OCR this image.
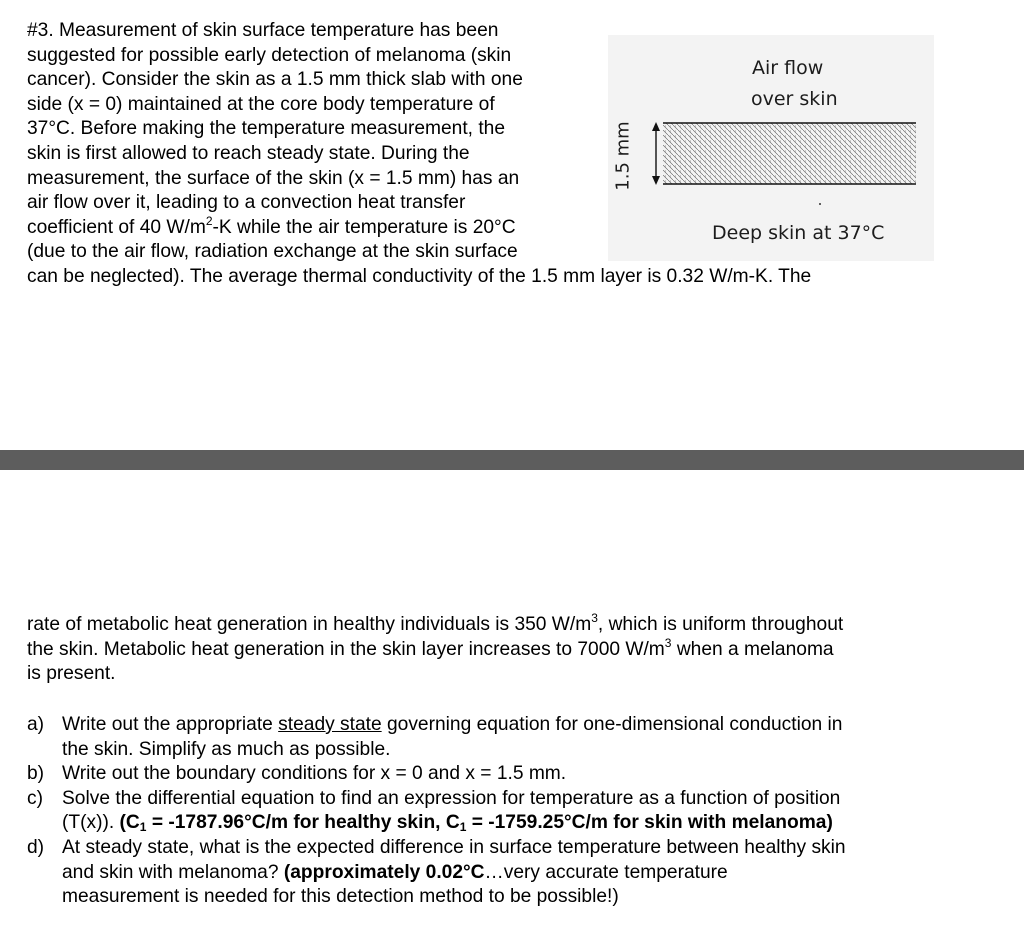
#3. Measurement of skin surface temperature has been
suggested for possible early detection of melanoma (skin
cancer). Consider the skin as a 1.5 mm thick slab with one
side (x = 0) maintained at the core body temperature of
37°C. Before making the temperature measurement, the
skin is first allowed to reach steady state. During the
measurement, the surface of the skin (x = 1.5 mm) has an
air flow over it, leading to a convection heat transfer
coefficient of 40 $W/m^2-K$ while the air temperature is 20°C
(due to the air flow, radiation exchange at the skin surface
can be neglected). The average thermal conductivity of the 1.5 mm layer is 0.32 W/m-K. The
Air flow
over skin
1.5 mm
Deep skin at 37°C
rate of metabolic heat generation in healthy individuals is 350 $W/m^3$, which is uniform throughout
the skin. Metabolic heat generation in the skin layer increases to 7000 $W/m^3$ when a melanoma
is present.
a) Write out the appropriate steady state governing equation for one-dimensional conduction in
the skin. Simplify as much as possible.
b) Write out the boundary conditions for x = 0 and x = 1.5 mm.
c) Solve the differential equation to find an expression for temperature as a function of position
(T(x)). ($C_1 = -1787.96^\circ C/m$ for healthy skin, $C_1 = -1759.25^\circ C/m$ for skin with melanoma)
d) At steady state, what is the expected difference in surface temperature between healthy skin
and skin with melanoma? (approximately 0.02°C…very accurate temperature
measurement is needed for this detection method to be possible!)
